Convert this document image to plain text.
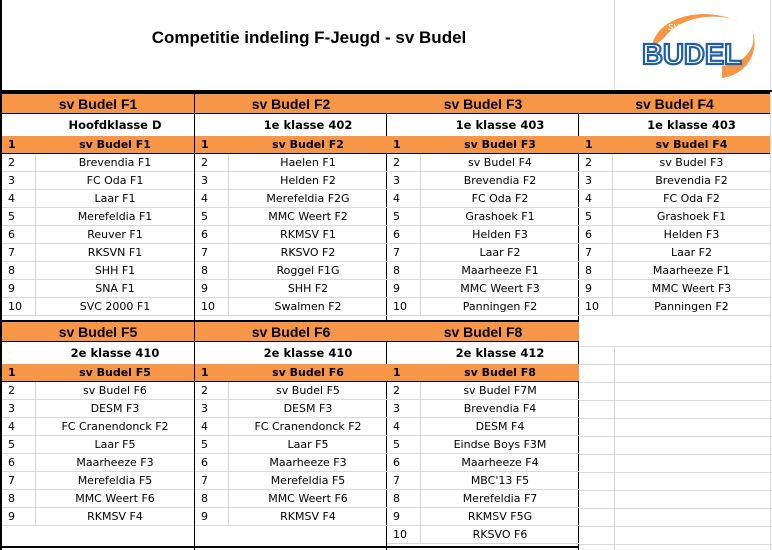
Competitie indeling F-Jeugd - sv Budel
sv
BUDEL
sv Budel F1
Hoofdklasse D
1	sv Budel F1
2	Brevendia F1
3	FC Oda F1
4	Laar F1
5	Merefeldia F1
6	Reuver F1
7	RKSVN F1
8	SHH F1
9	SNA F1
10	SVC 2000 F1
sv Budel F2
1e klasse 402
1	sv Budel F2
2	Haelen F1
3	Helden F2
4	Merefeldia F2G
5	MMC Weert F2
6	RKMSV F1
7	RKSVO F2
8	Roggel F1G
9	SHH F2
10	Swalmen F2
sv Budel F3
1e klasse 403
1	sv Budel F3
2	sv Budel F4
3	Brevendia F2
4	FC Oda F2
5	Grashoek F1
6	Helden F3
7	Laar F2
8	Maarheeze F1
9	MMC Weert F3
10	Panningen F2
sv Budel F4
1e klasse 403
1	sv Budel F4
2	sv Budel F3
3	Brevendia F2
4	FC Oda F2
5	Grashoek F1
6	Helden F3
7	Laar F2
8	Maarheeze F1
9	MMC Weert F3
10	Panningen F2
sv Budel F5
2e klasse 410
1	sv Budel F5
2	sv Budel F6
3	DESM F3
4	FC Cranendonck F2
5	Laar F5
6	Maarheeze F3
7	Merefeldia F5
8	MMC Weert F6
9	RKMSV F4
sv Budel F6
2e klasse 410
1	sv Budel F6
2	sv Budel F5
3	DESM F3
4	FC Cranendonck F2
5	Laar F5
6	Maarheeze F3
7	Merefeldia F5
8	MMC Weert F6
9	RKMSV F4
sv Budel F8
2e klasse 412
1	sv Budel F8
2	sv Budel F7M
3	Brevendia F4
4	DESM F4
5	Eindse Boys F3M
6	Maarheeze F4
7	MBC'13 F5
8	Merefeldia F7
9	RKMSV F5G
10	RKSVO F6
